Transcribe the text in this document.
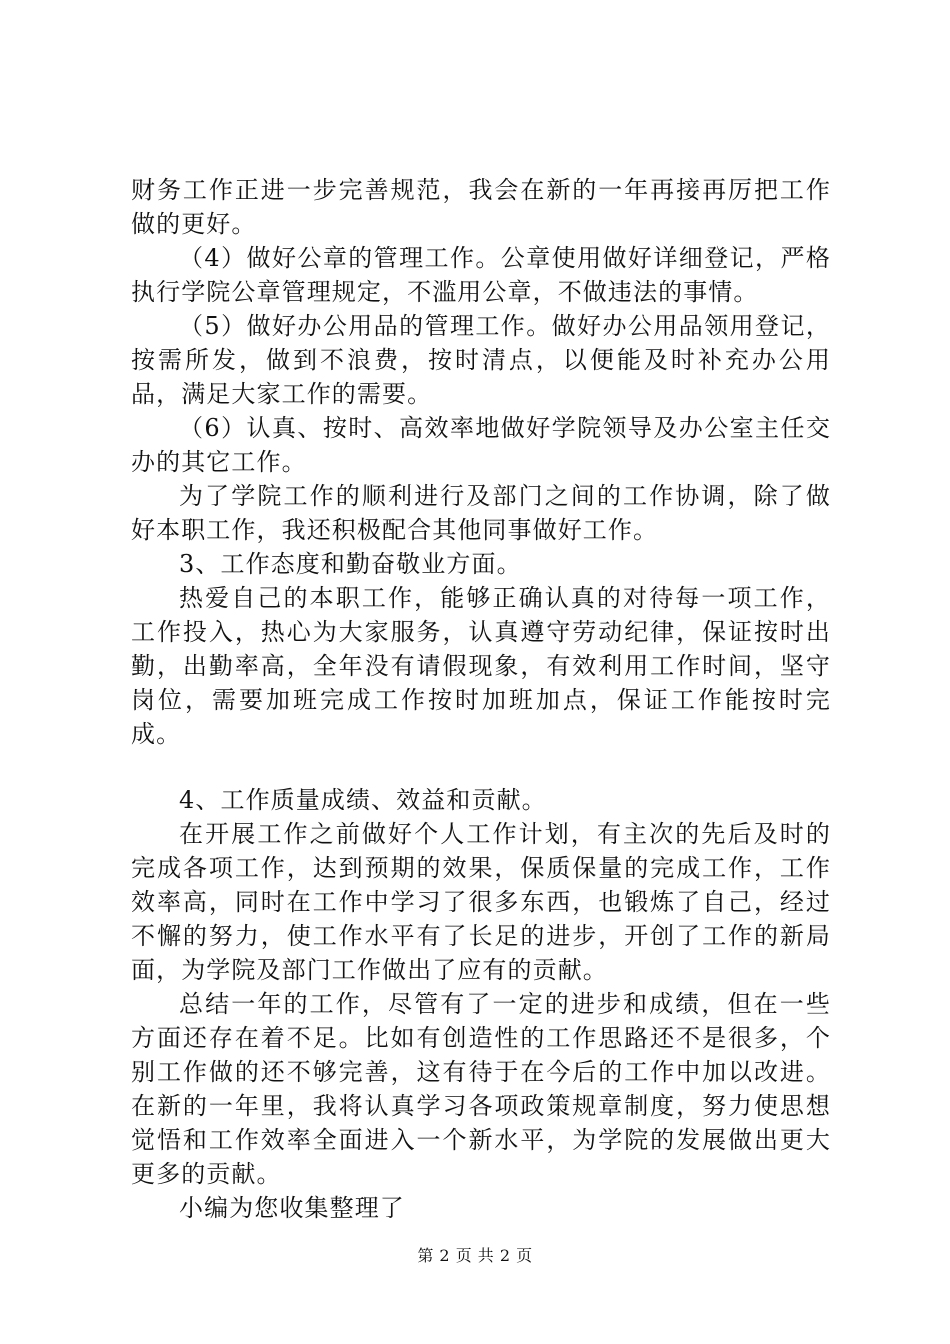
财务工作正进一步完善规范，我会在新的一年再接再厉把工作做的更好。

（4）做好公章的管理工作。公章使用做好详细登记，严格执行学院公章管理规定，不滥用公章，不做违法的事情。

（5）做好办公用品的管理工作。做好办公用品领用登记，按需所发，做到不浪费，按时清点，以便能及时补充办公用品，满足大家工作的需要。

（6）认真、按时、高效率地做好学院领导及办公室主任交办的其它工作。

为了学院工作的顺利进行及部门之间的工作协调，除了做好本职工作，我还积极配合其他同事做好工作。

3、工作态度和勤奋敬业方面。

热爱自己的本职工作，能够正确认真的对待每一项工作，工作投入，热心为大家服务，认真遵守劳动纪律，保证按时出勤，出勤率高，全年没有请假现象，有效利用工作时间，坚守岗位，需要加班完成工作按时加班加点，保证工作能按时完成。

4、工作质量成绩、效益和贡献。

在开展工作之前做好个人工作计划，有主次的先后及时的完成各项工作，达到预期的效果，保质保量的完成工作，工作效率高，同时在工作中学习了很多东西，也锻炼了自己，经过不懈的努力，使工作水平有了长足的进步，开创了工作的新局面，为学院及部门工作做出了应有的贡献。

总结一年的工作，尽管有了一定的进步和成绩，但在一些方面还存在着不足。比如有创造性的工作思路还不是很多，个别工作做的还不够完善，这有待于在今后的工作中加以改进。在新的一年里，我将认真学习各项政策规章制度，努力使思想觉悟和工作效率全面进入一个新水平，为学院的发展做出更大更多的贡献。

小编为您收集整理了

第 2 页 共 2 页
